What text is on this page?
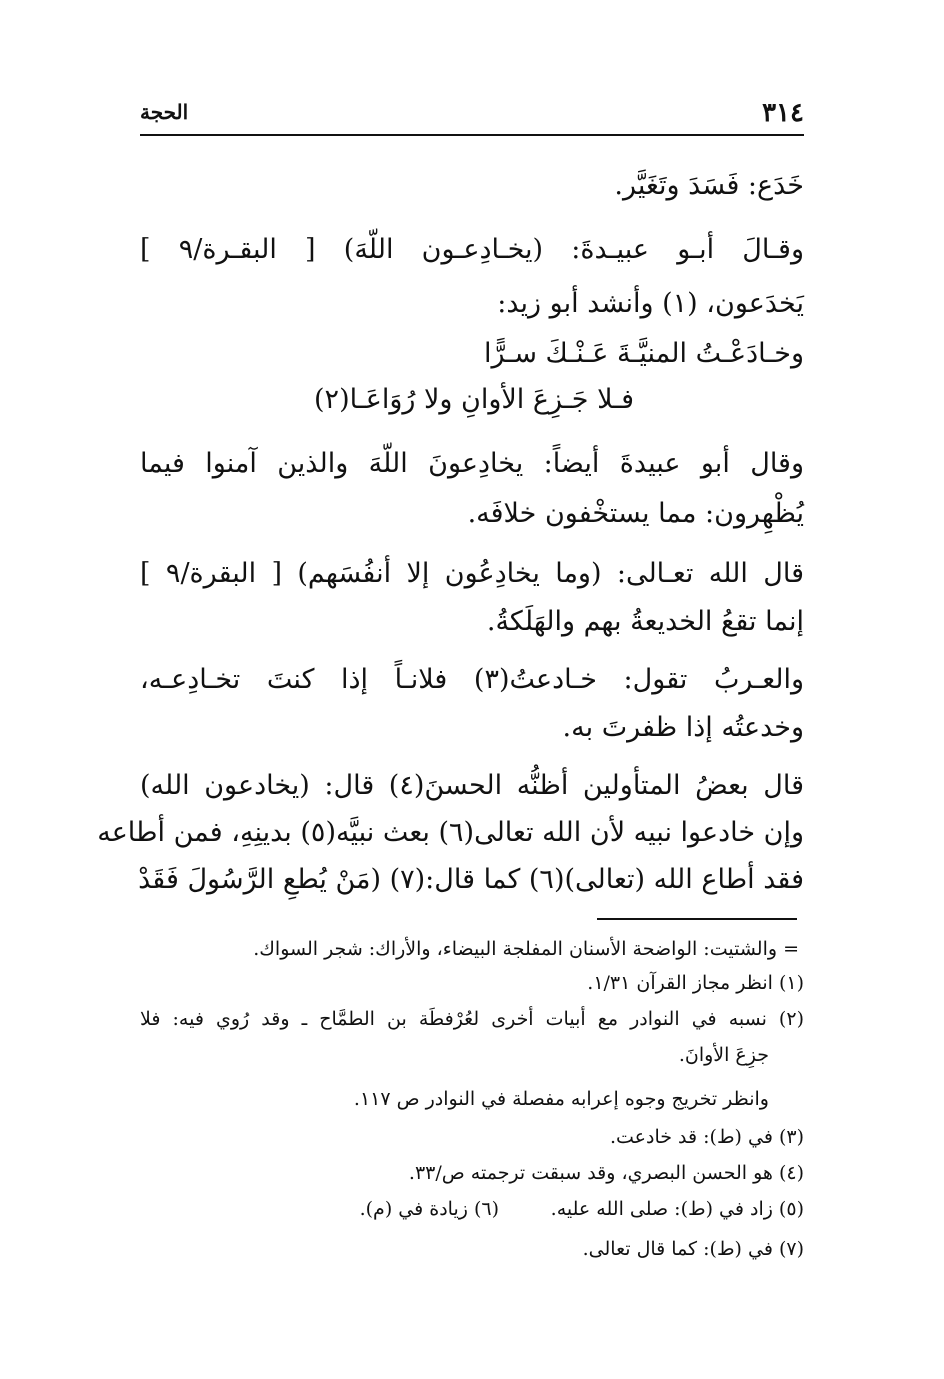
٣١٤
الحجة
خَدَع: فَسَدَ وتَغَيَّر.
وقـالَ أبـو عبيـدةَ: (يخـادِعـون اللّهَ) [ البقـرة/٩ ]
يَخدَعون، (١) وأنشد أبو زيد:
وخـادَعْـتُ المنيَّـةَ عَـنْـكَ سـرًّا
فـلا جَـزِعَ الأوانِ ولا رُوَاعَـا(٢)
وقال أبو عبيدةَ أيضاً: يخادِعونَ اللّهَ والذين آمنوا فيما
يُظْهِرون: مما يستخْفون خلافَه.
قال الله تعـالى: (وما يخادِعُون إلا أنفُسَهم) [ البقرة/٩ ]
إنما تقعُ الخديعةُ بهم والهَلَكةُ.
والعـربُ تقول: خـادعتُ(٣) فلانـاً إذا كنتَ تخـادِعـه،
وخدعتُه إذا ظفرتَ به.
قال بعضُ المتأولين أظنُّه الحسنَ(٤) قال: (يخادعون الله)
وإن خادعوا نبيه لأن الله تعالى(٦) بعث نبيَّه(٥) بدينِهِ، فمن أطاعه
فقد أطاع الله (تعالى)(٦) كما قال:(٧) (مَنْ يُطعِ الرَّسُولَ فَقَدْ
= والشتيت: الواضحة الأسنان المفلجة البيضاء، والأراك: شجر السواك.
(١) انظر مجاز القرآن ١/٣١.
(٢) نسبه في النوادر مع أبيات أخرى لعُرْفطَة بن الطمَّاح ـ وقد رُوي فيه: فلا
جزِعَ الأوانَ.
وانظر تخريج وجوه إعرابه مفصلة في النوادر ص ١١٧.
(٣) في (ط): قد خادعت.
(٤) هو الحسن البصري، وقد سبقت ترجمته ص/٣٣.
(٥) زاد في (ط): صلى الله عليه.
(٦) زيادة في (م).
(٧) في (ط): كما قال تعالى.
